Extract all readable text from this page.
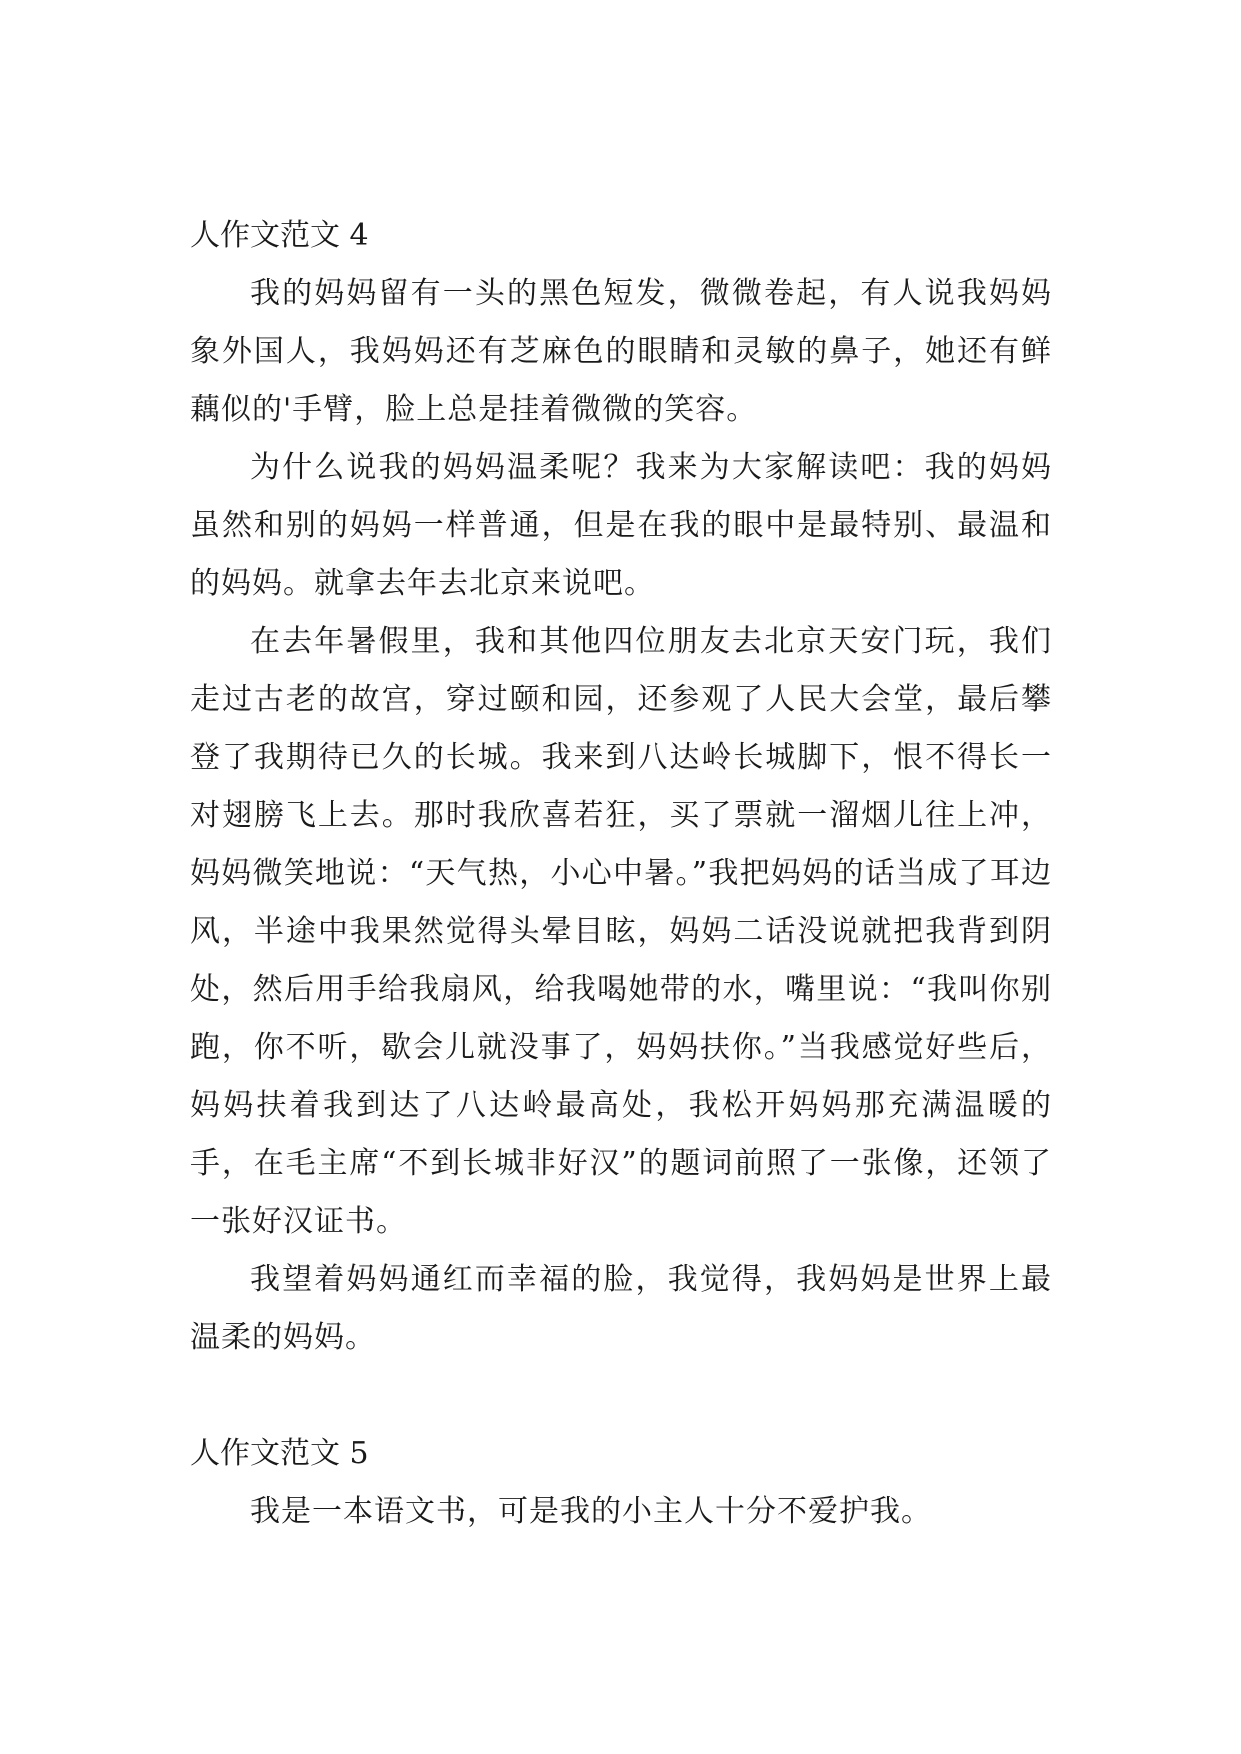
人作文范文 4

我的妈妈留有一头的黑色短发，微微卷起，有人说我妈妈象外国人，我妈妈还有芝麻色的眼睛和灵敏的鼻子，她还有鲜藕似的'手臂，脸上总是挂着微微的笑容。

为什么说我的妈妈温柔呢？我来为大家解读吧：我的妈妈虽然和别的妈妈一样普通，但是在我的眼中是最特别、最温和的妈妈。就拿去年去北京来说吧。

在去年暑假里，我和其他四位朋友去北京天安门玩，我们走过古老的故宫，穿过颐和园，还参观了人民大会堂，最后攀登了我期待已久的长城。我来到八达岭长城脚下，恨不得长一对翅膀飞上去。那时我欣喜若狂，买了票就一溜烟儿往上冲，妈妈微笑地说：“天气热，小心中暑。”我把妈妈的话当成了耳边风，半途中我果然觉得头晕目眩，妈妈二话没说就把我背到阴处，然后用手给我扇风，给我喝她带的水，嘴里说：“我叫你别跑，你不听，歇会儿就没事了，妈妈扶你。”当我感觉好些后，妈妈扶着我到达了八达岭最高处，我松开妈妈那充满温暖的手，在毛主席“不到长城非好汉”的题词前照了一张像，还领了一张好汉证书。

我望着妈妈通红而幸福的脸，我觉得，我妈妈是世界上最温柔的妈妈。

人作文范文 5

我是一本语文书，可是我的小主人十分不爱护我。
